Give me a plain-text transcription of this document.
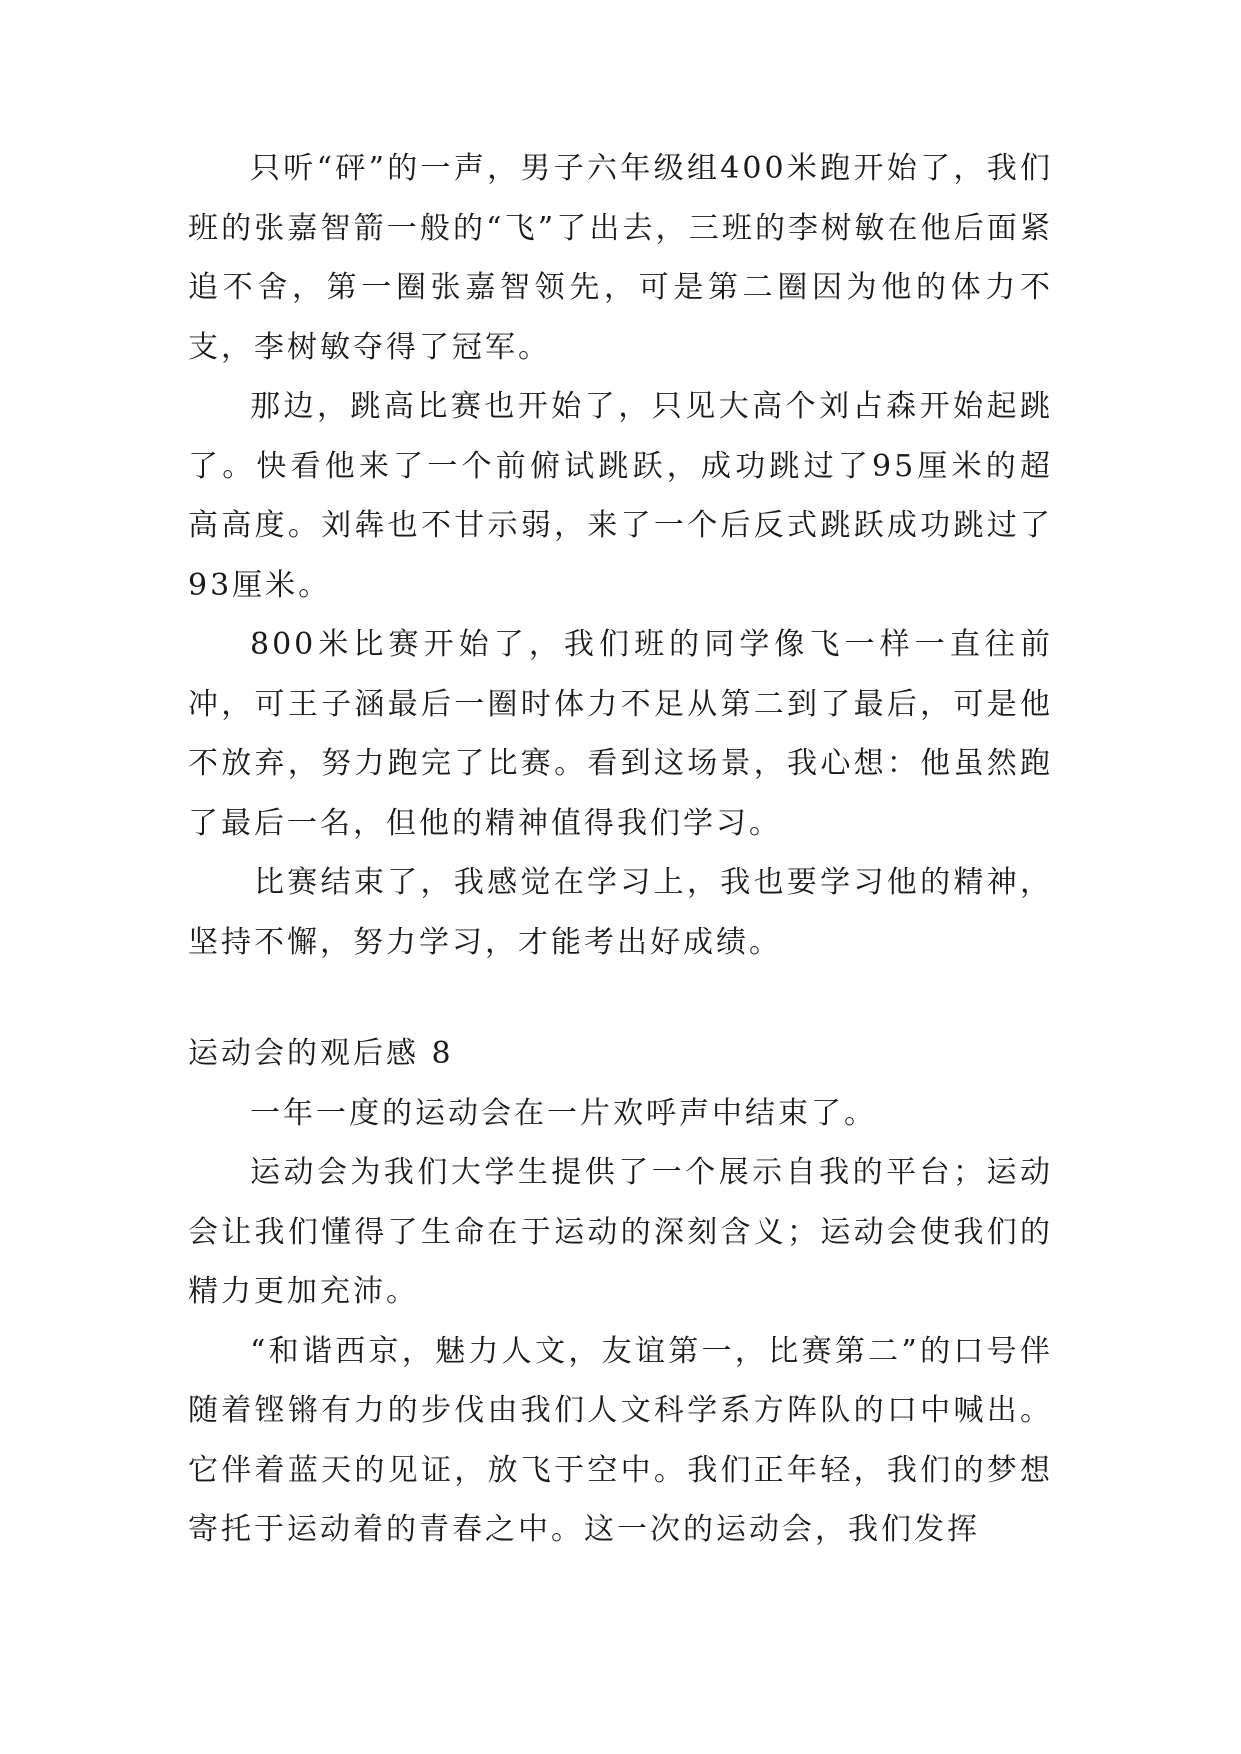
只听“砰”的一声，男子六年级组400米跑开始了，我们班的张嘉智箭一般的“飞”了出去，三班的李树敏在他后面紧追不舍，第一圈张嘉智领先，可是第二圈因为他的体力不支，李树敏夺得了冠军。

那边，跳高比赛也开始了，只见大高个刘占森开始起跳了。快看他来了一个前俯试跳跃，成功跳过了95厘米的超高高度。刘犇也不甘示弱，来了一个后反式跳跃成功跳过了93厘米。

800米比赛开始了，我们班的同学像飞一样一直往前冲，可王子涵最后一圈时体力不足从第二到了最后，可是他不放弃，努力跑完了比赛。看到这场景，我心想：他虽然跑了最后一名，但他的精神值得我们学习。

比赛结束了，我感觉在学习上，我也要学习他的精神，坚持不懈，努力学习，才能考出好成绩。

运动会的观后感 8

一年一度的运动会在一片欢呼声中结束了。

运动会为我们大学生提供了一个展示自我的平台；运动会让我们懂得了生命在于运动的深刻含义；运动会使我们的精力更加充沛。

“和谐西京，魅力人文，友谊第一，比赛第二”的口号伴随着铿锵有力的步伐由我们人文科学系方阵队的口中喊出。它伴着蓝天的见证，放飞于空中。我们正年轻，我们的梦想寄托于运动着的青春之中。这一次的运动会，我们发挥
